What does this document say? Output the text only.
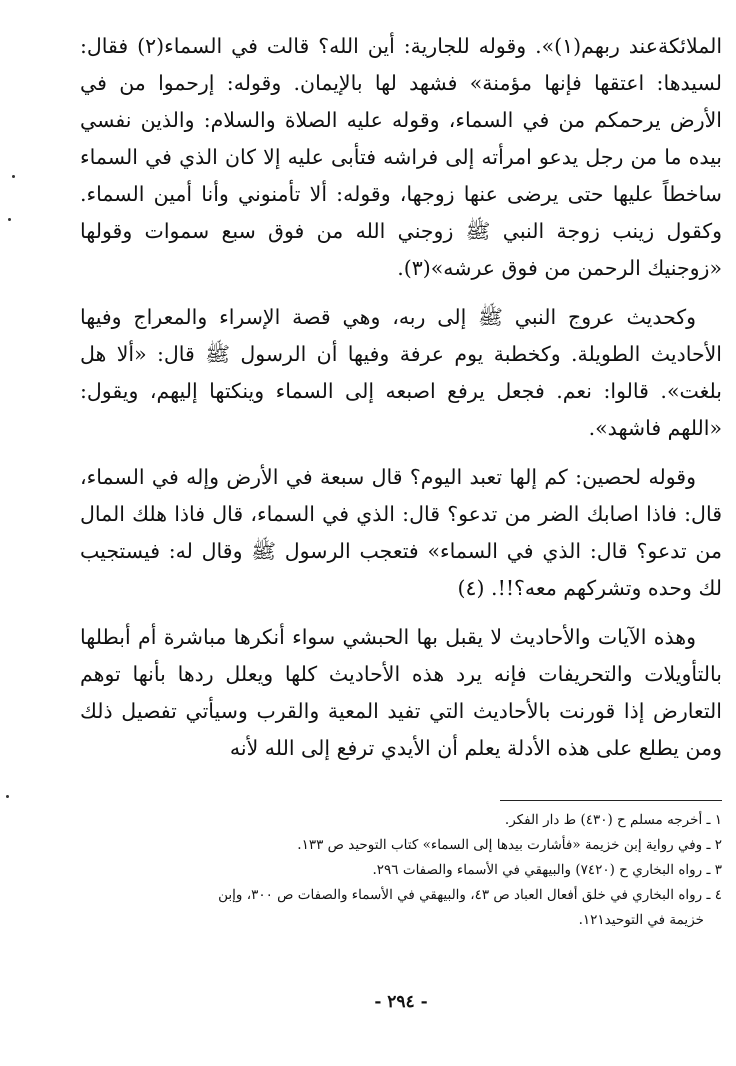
الملائكةعند ربهم(١)». وقوله للجارية: أين الله؟ قالت في السماء(٢) فقال: لسيدها: اعتقها فإنها مؤمنة» فشهد لها بالإيمان. وقوله: إرحموا من في الأرض يرحمكم من في السماء، وقوله عليه الصلاة والسلام: والذين نفسي بيده ما من رجل يدعو امرأته إلى فراشه فتأبى عليه إلا كان الذي في السماء ساخطاً عليها حتى يرضى عنها زوجها، وقوله: ألا تأمنوني وأنا أمين السماء. وكقول زينب زوجة النبي ﷺ زوجني الله من فوق سبع سموات وقولها «زوجنيك الرحمن من فوق عرشه»(٣).

وكحديث عروج النبي ﷺ إلى ربه، وهي قصة الإسراء والمعراج وفيها الأحاديث الطويلة. وكخطبة يوم عرفة وفيها أن الرسول ﷺ قال: «ألا هل بلغت». قالوا: نعم. فجعل يرفع اصبعه إلى السماء وينكتها إليهم، ويقول: «اللهم فاشهد».

وقوله لحصين: كم إلها تعبد اليوم؟ قال سبعة في الأرض وإله في السماء، قال: فاذا اصابك الضر من تدعو؟ قال: الذي في السماء، قال فاذا هلك المال من تدعو؟ قال: الذي في السماء» فتعجب الرسول ﷺ وقال له: فيستجيب لك وحده وتشركهم معه؟!!. (٤)

وهذه الآيات والأحاديث لا يقبل بها الحبشي سواء أنكرها مباشرة أم أبطلها بالتأويلات والتحريفات فإنه يرد هذه الأحاديث كلها ويعلل ردها بأنها توهم التعارض إذا قورنت بالأحاديث التي تفيد المعية والقرب وسيأتي تفصيل ذلك ومن يطلع على هذه الأدلة يعلم أن الأيدي ترفع إلى الله لأنه

١ ـ أخرجه مسلم ح (٤٣٠) ط دار الفكر.

٢ ـ وفي رواية إبن خزيمة «فأشارت بيدها إلى السماء» كتاب التوحيد ص ١٣٣.

٣ ـ رواه البخاري ح (٧٤٢٠) والبيهقي في الأسماء والصفات ٢٩٦.

٤ ـ رواه البخاري في خلق أفعال العباد ص ٤٣، والبيهقي في الأسماء والصفات ص ٣٠٠، وإبن

خزيمة في التوحيد١٢١.

- ٢٩٤ -
